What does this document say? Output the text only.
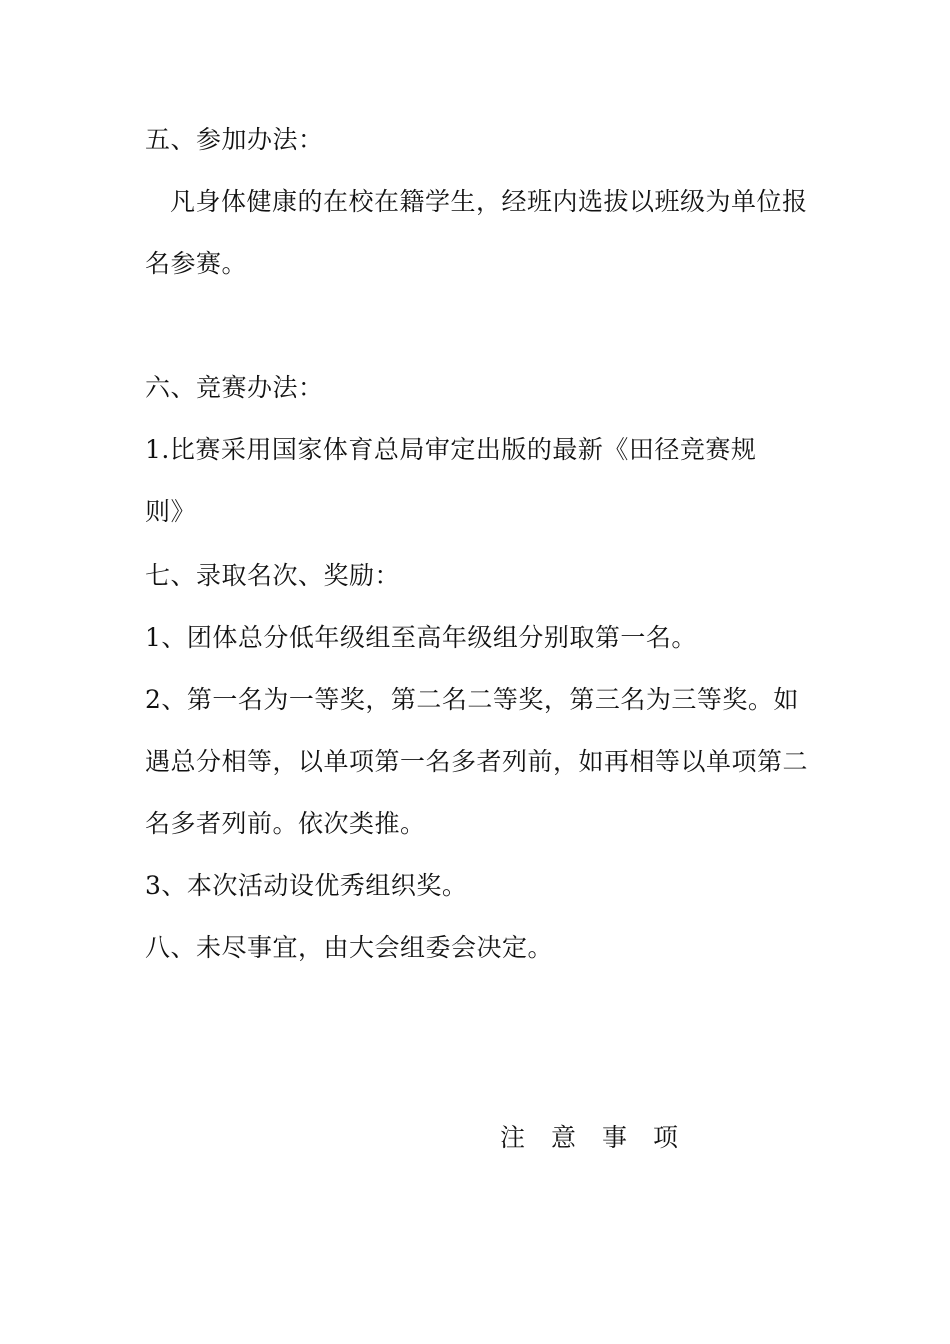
五、参加办法：
凡身体健康的在校在籍学生，经班内选拔以班级为单位报
名参赛。
六、竞赛办法：
1.比赛采用国家体育总局审定出版的最新《田径竞赛规
则》
七、录取名次、奖励：
1、团体总分低年级组至高年级组分别取第一名。
2、第一名为一等奖，第二名二等奖，第三名为三等奖。如
遇总分相等，以单项第一名多者列前，如再相等以单项第二
名多者列前。依次类推。
3、本次活动设优秀组织奖。
八、未尽事宜，由大会组委会决定。
注 意 事 项
